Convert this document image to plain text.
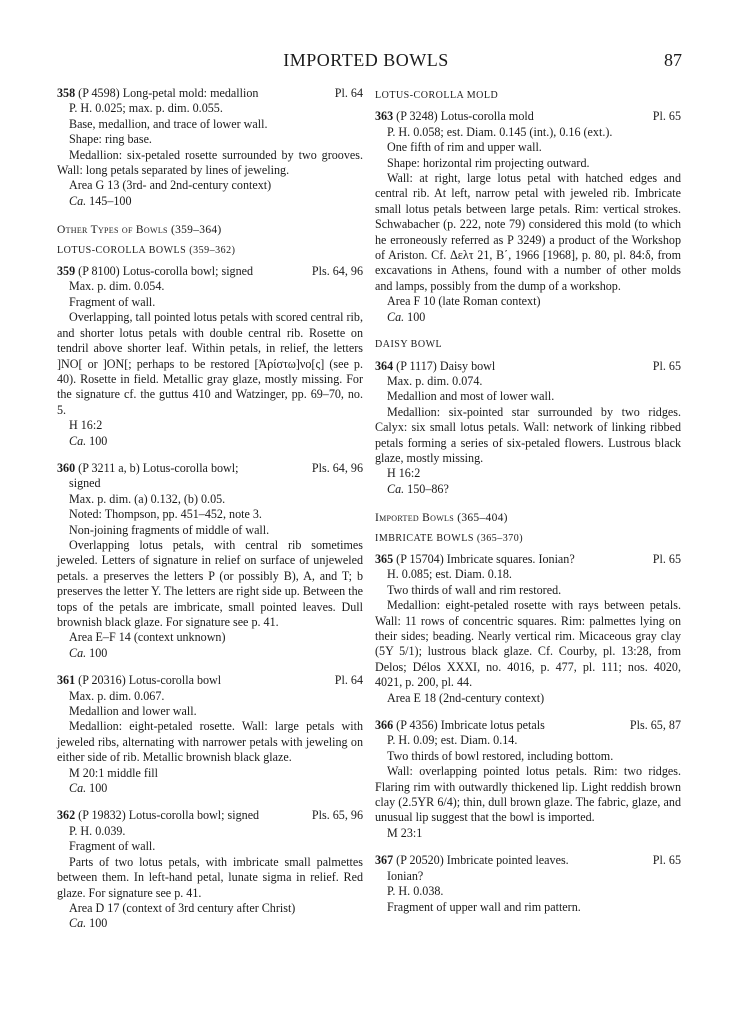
IMPORTED BOWLS	87
358 (P 4598) Long-petal mold: medallion	Pl. 64

P. H. 0.025; max. p. dim. 0.055.

Base, medallion, and trace of lower wall.

Shape: ring base.

Medallion: six-petaled rosette surrounded by two grooves. Wall: long petals separated by lines of jeweling.

Area G 13 (3rd- and 2nd-century context)

Ca. 145–100

Other Types of Bowls (359–364)
LOTUS-COROLLA BOWLS (359–362)
359 (P 8100) Lotus-corolla bowl; signed	Pls. 64, 96

Max. p. dim. 0.054.

Fragment of wall.

Overlapping, tall pointed lotus petals with scored central rib, and shorter lotus petals with double central rib. Rosette on tendril above shorter leaf. Within petals, in relief, the letters ]NO[ or ]ON[; perhaps to be restored [Ἀρίστω]νο[ς] (see p. 40). Rosette in field. Metallic gray glaze, mostly missing. For the signature cf. the guttus 410 and Watzinger, pp. 69–70, no. 5.

H 16:2

Ca. 100

360 (P 3211 a, b) Lotus-corolla bowl;	Pls. 64, 96

signed

Max. p. dim. (a) 0.132, (b) 0.05.

Noted: Thompson, pp. 451–452, note 3.

Non-joining fragments of middle of wall.

Overlapping lotus petals, with central rib sometimes jeweled. Letters of signature in relief on surface of unjeweled petals. a preserves the letters P (or possibly B), A, and T; b preserves the letter Y. The letters are right side up. Between the tops of the petals are imbricate, small pointed leaves. Dull brownish black glaze. For signature see p. 41.

Area E–F 14 (context unknown)

Ca. 100

361 (P 20316) Lotus-corolla bowl	Pl. 64

Max. p. dim. 0.067.

Medallion and lower wall.

Medallion: eight-petaled rosette. Wall: large petals with jeweled ribs, alternating with narrower petals with jeweling on either side of rib. Metallic brownish black glaze.

M 20:1 middle fill

Ca. 100

362 (P 19832) Lotus-corolla bowl; signed	Pls. 65, 96

P. H. 0.039.

Fragment of wall.

Parts of two lotus petals, with imbricate small palmettes between them. In left-hand petal, lunate sigma in relief. Red glaze. For signature see p. 41.

Area D 17 (context of 3rd century after Christ)

Ca. 100

LOTUS-COROLLA MOLD
363 (P 3248) Lotus-corolla mold	Pl. 65

P. H. 0.058; est. Diam. 0.145 (int.), 0.16 (ext.).

One fifth of rim and upper wall.

Shape: horizontal rim projecting outward.

Wall: at right, large lotus petal with hatched edges and central rib. At left, narrow petal with jeweled rib. Imbricate small lotus petals between large petals. Rim: vertical strokes. Schwabacher (p. 222, note 79) considered this mold (to which he erroneously referred as P 3249) a product of the Workshop of Ariston. Cf. Δελτ 21, Β΄, 1966 [1968], p. 80, pl. 84:δ, from excavations in Athens, found with a number of other molds and lamps, possibly from the dump of a workshop.

Area F 10 (late Roman context)

Ca. 100

DAISY BOWL
364 (P 1117) Daisy bowl	Pl. 65

Max. p. dim. 0.074.

Medallion and most of lower wall.

Medallion: six-pointed star surrounded by two ridges. Calyx: six small lotus petals. Wall: network of linking ribbed petals forming a series of six-petaled flowers. Lustrous black glaze, mostly missing.

H 16:2

Ca. 150–86?

Imported Bowls (365–404)
IMBRICATE BOWLS (365–370)
365 (P 15704) Imbricate squares. Ionian?	Pl. 65

H. 0.085; est. Diam. 0.18.

Two thirds of wall and rim restored.

Medallion: eight-petaled rosette with rays between petals. Wall: 11 rows of concentric squares. Rim: palmettes lying on their sides; beading. Nearly vertical rim. Micaceous gray clay (5Y 5/1); lustrous black glaze. Cf. Courby, pl. 13:28, from Delos; Délos XXXI, no. 4016, p. 477, pl. 111; nos. 4020, 4021, p. 200, pl. 44.

Area E 18 (2nd-century context)

366 (P 4356) Imbricate lotus petals	Pls. 65, 87

P. H. 0.09; est. Diam. 0.14.

Two thirds of bowl restored, including bottom.

Wall: overlapping pointed lotus petals. Rim: two ridges. Flaring rim with outwardly thickened lip. Light reddish brown clay (2.5YR 6/4); thin, dull brown glaze. The fabric, glaze, and unusual lip suggest that the bowl is imported.

M 23:1

367 (P 20520) Imbricate pointed leaves.	Pl. 65

Ionian?

P. H. 0.038.

Fragment of upper wall and rim pattern.
